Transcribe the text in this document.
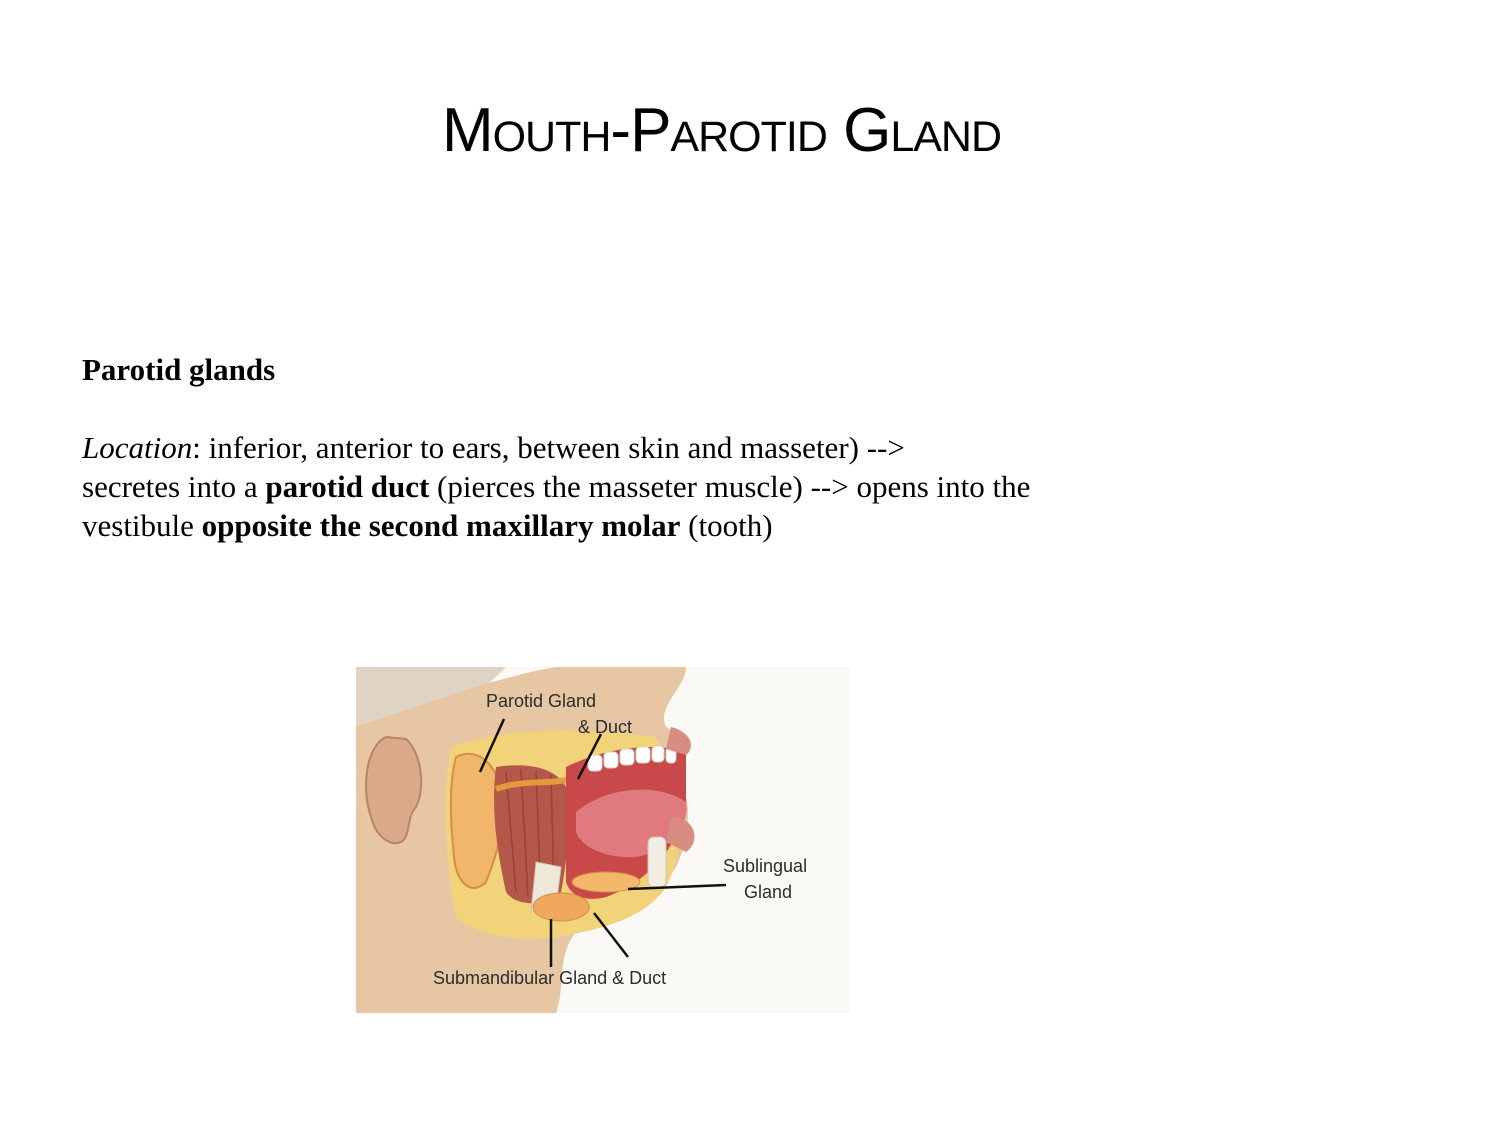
Mouth-Parotid Gland

Parotid glands

Location: inferior, anterior to ears, between skin and masseter) -->
secretes into a parotid duct (pierces the masseter muscle) --> opens into the
vestibule opposite the second maxillary molar (tooth)

Parotid Gland
& Duct
Sublingual
Gland
Submandibular Gland & Duct
